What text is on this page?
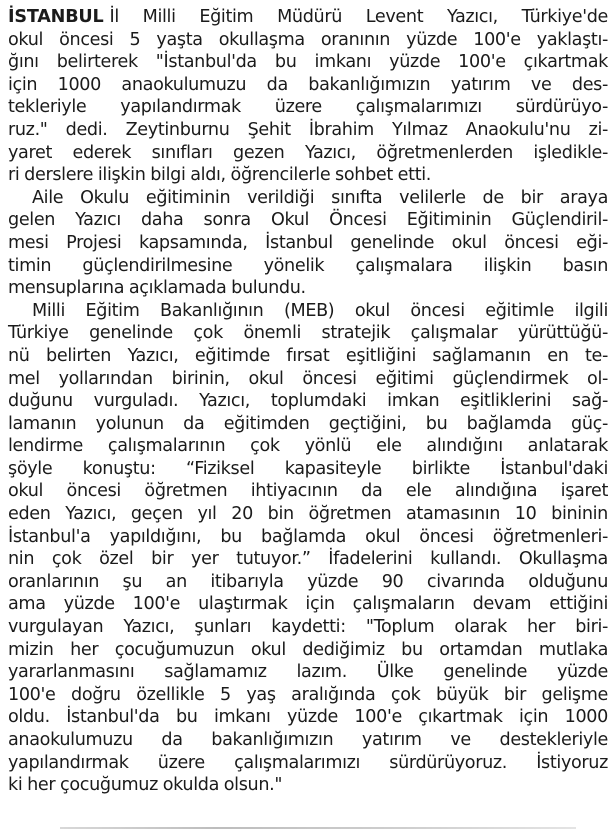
İSTANBUL İl Milli Eğitim Müdürü Levent Yazıcı, Türkiye'de
okul öncesi 5 yaşta okullaşma oranının yüzde 100'e yaklaştı-
ğını belirterek "İstanbul'da bu imkanı yüzde 100'e çıkartmak
için 1000 anaokulumuzu da bakanlığımızın yatırım ve des-
tekleriyle yapılandırmak üzere çalışmalarımızı sürdürüyo-
ruz." dedi. Zeytinburnu Şehit İbrahim Yılmaz Anaokulu'nu zi-
yaret ederek sınıfları gezen Yazıcı, öğretmenlerden işledikle-
ri derslere ilişkin bilgi aldı, öğrencilerle sohbet etti.
Aile Okulu eğitiminin verildiği sınıfta velilerle de bir araya
gelen Yazıcı daha sonra Okul Öncesi Eğitiminin Güçlendiril-
mesi Projesi kapsamında, İstanbul genelinde okul öncesi eği-
timin güçlendirilmesine yönelik çalışmalara ilişkin basın
mensuplarına açıklamada bulundu.
Milli Eğitim Bakanlığının (MEB) okul öncesi eğitimle ilgili
Türkiye genelinde çok önemli stratejik çalışmalar yürüttüğü-
nü belirten Yazıcı, eğitimde fırsat eşitliğini sağlamanın en te-
mel yollarından birinin, okul öncesi eğitimi güçlendirmek ol-
duğunu vurguladı. Yazıcı, toplumdaki imkan eşitliklerini sağ-
lamanın yolunun da eğitimden geçtiğini, bu bağlamda güç-
lendirme çalışmalarının çok yönlü ele alındığını anlatarak
şöyle konuştu: “Fiziksel kapasiteyle birlikte İstanbul'daki
okul öncesi öğretmen ihtiyacının da ele alındığına işaret
eden Yazıcı, geçen yıl 20 bin öğretmen atamasının 10 bininin
İstanbul'a yapıldığını, bu bağlamda okul öncesi öğretmenleri-
nin çok özel bir yer tutuyor.” İfadelerini kullandı. Okullaşma
oranlarının şu an itibarıyla yüzde 90 civarında olduğunu
ama yüzde 100'e ulaştırmak için çalışmaların devam ettiğini
vurgulayan Yazıcı, şunları kaydetti: "Toplum olarak her biri-
mizin her çocuğumuzun okul dediğimiz bu ortamdan mutlaka
yararlanmasını sağlamamız lazım. Ülke genelinde yüzde
100'e doğru özellikle 5 yaş aralığında çok büyük bir gelişme
oldu. İstanbul'da bu imkanı yüzde 100'e çıkartmak için 1000
anaokulumuzu da bakanlığımızın yatırım ve destekleriyle
yapılandırmak üzere çalışmalarımızı sürdürüyoruz. İstiyoruz
ki her çocuğumuz okulda olsun."
